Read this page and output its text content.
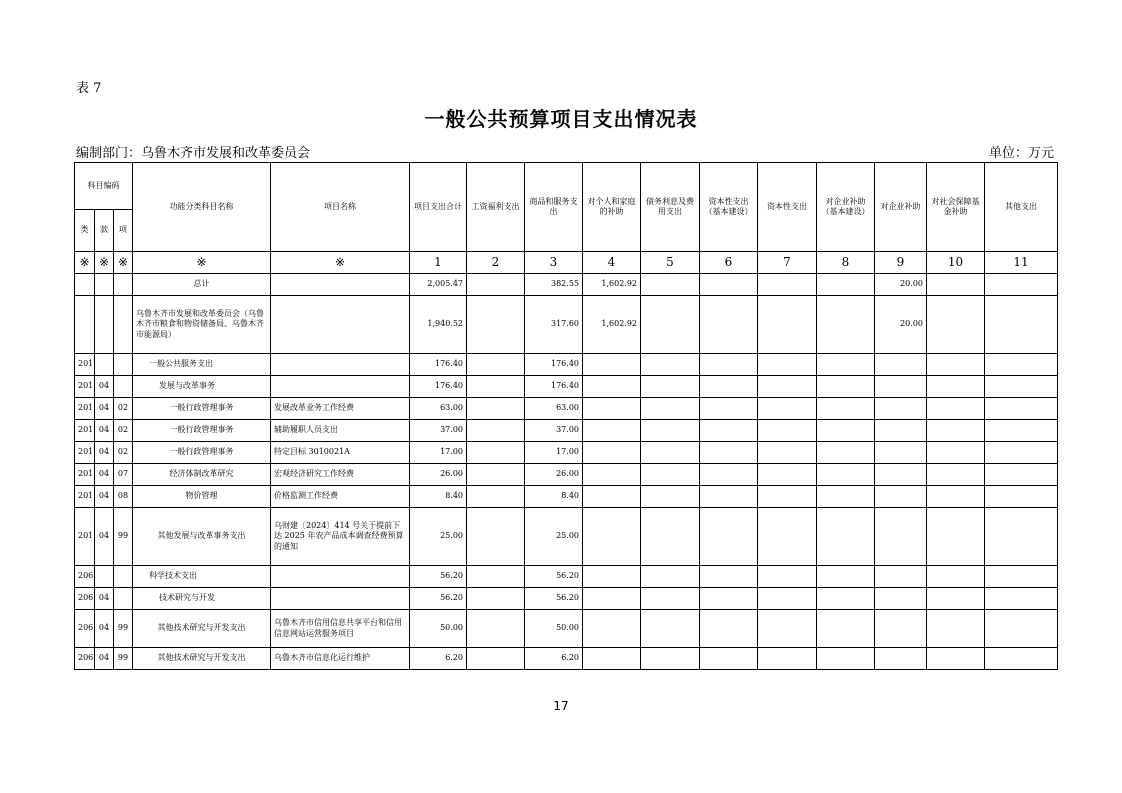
表 7
一般公共预算项目支出情况表
编制部门：乌鲁木齐市发展和改革委员会	单位：万元
科目编码			功能分类科目名称	项目名称	项目支出合计	工资福利支出	商品和服务支出	对个人和家庭的补助	债务利息及费用支出	资本性支出（基本建设）	资本性支出	对企业补助（基本建设）	对企业补助	对社会保障基金补助	其他支出
类	款	项													
※	※	※	※	※	1	2	3	4	5	6	7	8	9	10	11
			总计		2,005.47		382.55	1,602.92					20.00		
			乌鲁木齐市发展和改革委员会（乌鲁木齐市粮食和物资储备局、乌鲁木齐市能源局）		1,940.52		317.60	1,602.92					20.00		
201			一般公共服务支出		176.40		176.40								
201	04		发展与改革事务		176.40		176.40								
201	04	02	一般行政管理事务	发展改革业务工作经费	63.00		63.00								
201	04	02	一般行政管理事务	辅助履职人员支出	37.00		37.00								
201	04	02	一般行政管理事务	特定目标 3010021A	17.00		17.00								
201	04	07	经济体制改革研究	宏观经济研究工作经费	26.00		26.00								
201	04	08	物价管理	价格监测工作经费	8.40		8.40								
201	04	99	其他发展与改革事务支出	乌财建〔2024〕414 号关于提前下达 2025 年农产品成本调查经费预算的通知	25.00		25.00								
206			科学技术支出		56.20		56.20								
206	04		技术研究与开发		56.20		56.20								
206	04	99	其他技术研究与开发支出	乌鲁木齐市信用信息共享平台和信用信息网站运营服务项目	50.00		50.00								
206	04	99	其他技术研究与开发支出	乌鲁木齐市信息化运行维护	6.20		6.20								
17
